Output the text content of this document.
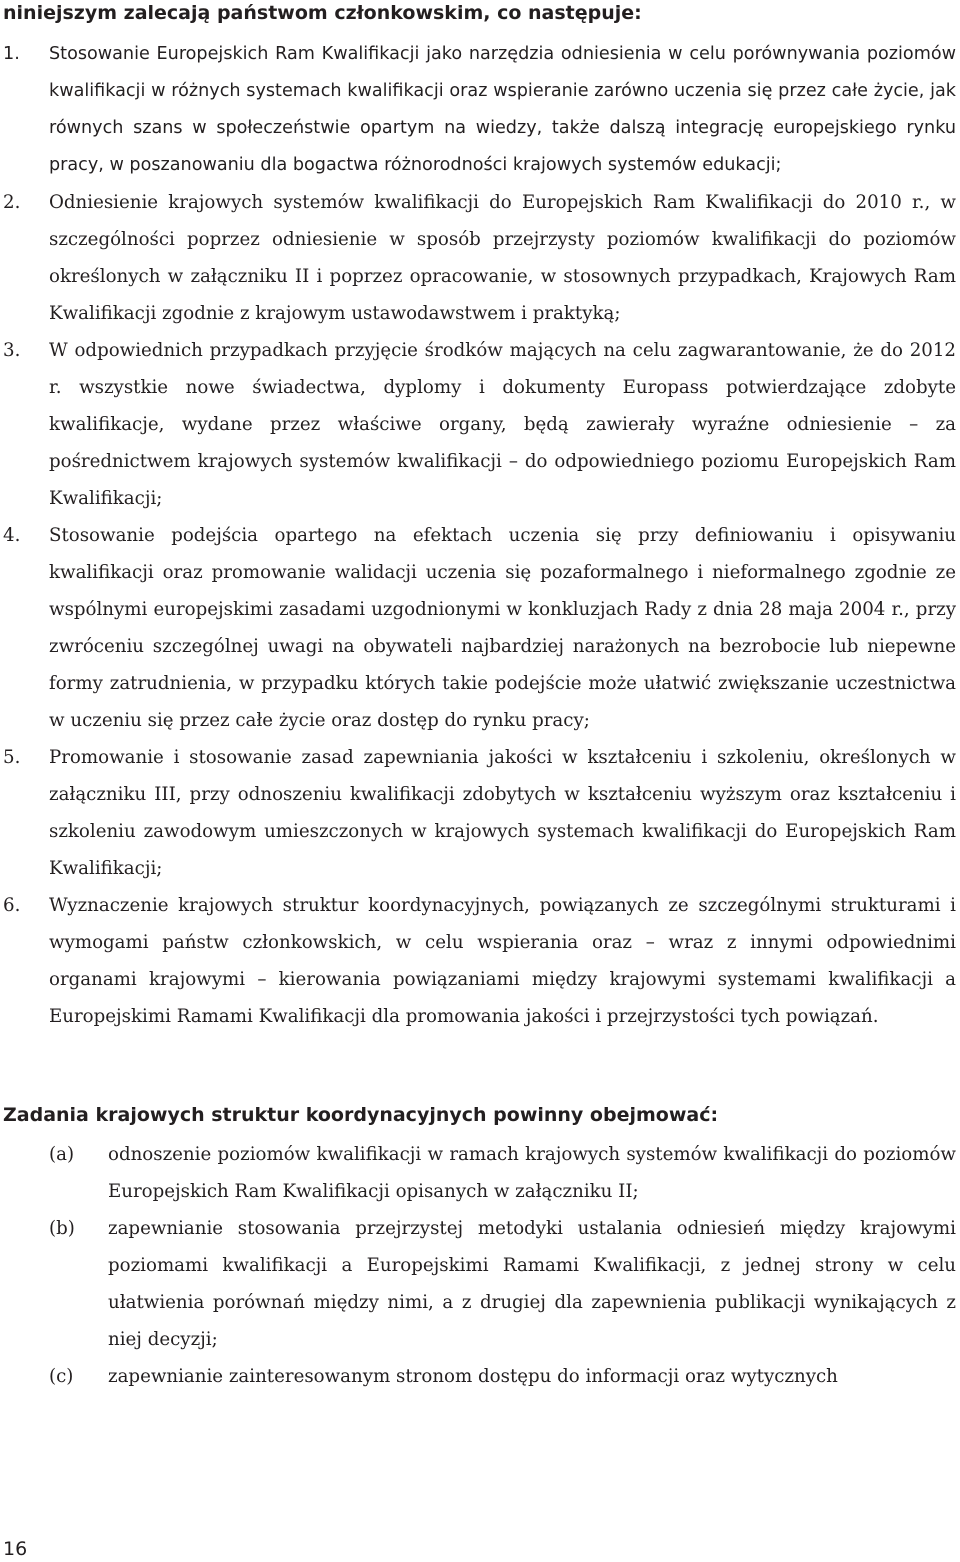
niniejszym zalecają państwom członkowskim, co następuje:

1. Stosowanie Europejskich Ram Kwalifikacji jako narzędzia odniesienia w celu porównywania poziomów kwalifikacji w różnych systemach kwalifikacji oraz wspieranie zarówno uczenia się przez całe życie, jak równych szans w społeczeństwie opartym na wiedzy, także dalszą integrację europejskiego rynku pracy, w poszanowaniu dla bogactwa różnorodności krajowych systemów edukacji;
2. Odniesienie krajowych systemów kwalifikacji do Europejskich Ram Kwalifikacji do 2010 r., w szczególności poprzez odniesienie w sposób przejrzysty poziomów kwalifikacji do poziomów określonych w załączniku II i poprzez opracowanie, w stosownych przypadkach, Krajowych Ram Kwalifikacji zgodnie z krajowym ustawodawstwem i praktyką;
3. W odpowiednich przypadkach przyjęcie środków mających na celu zagwarantowanie, że do 2012 r. wszystkie nowe świadectwa, dyplomy i dokumenty Europass potwierdzające zdobyte kwalifikacje, wydane przez właściwe organy, będą zawierały wyraźne odniesienie – za pośrednictwem krajowych systemów kwalifikacji – do odpowiedniego poziomu Europejskich Ram Kwalifikacji;
4. Stosowanie podejścia opartego na efektach uczenia się przy definiowaniu i opisywaniu kwalifikacji oraz promowanie walidacji uczenia się pozaformalnego i nieformalnego zgodnie ze wspólnymi europejskimi zasadami uzgodnionymi w konkluzjach Rady z dnia 28 maja 2004 r., przy zwróceniu szczególnej uwagi na obywateli najbardziej narażonych na bezrobocie lub niepewne formy zatrudnienia, w przypadku których takie podejście może ułatwić zwiększanie uczestnictwa w uczeniu się przez całe życie oraz dostęp do rynku pracy;
5. Promowanie i stosowanie zasad zapewniania jakości w kształceniu i szkoleniu, określonych w załączniku III, przy odnoszeniu kwalifikacji zdobytych w kształceniu wyższym oraz kształceniu i szkoleniu zawodowym umieszczonych w krajowych systemach kwalifikacji do Europejskich Ram Kwalifikacji;
6. Wyznaczenie krajowych struktur koordynacyjnych, powiązanych ze szczególnymi strukturami i wymogami państw członkowskich, w celu wspierania oraz – wraz z innymi odpowiednimi organami krajowymi – kierowania powiązaniami między krajowymi systemami kwalifikacji a Europejskimi Ramami Kwalifikacji dla promowania jakości i przejrzystości tych powiązań.
Zadania krajowych struktur koordynacyjnych powinny obejmować:
(a) odnoszenie poziomów kwalifikacji w ramach krajowych systemów kwalifikacji do poziomów Europejskich Ram Kwalifikacji opisanych w załączniku II;
(b) zapewnianie stosowania przejrzystej metodyki ustalania odniesień między krajowymi poziomami kwalifikacji a Europejskimi Ramami Kwalifikacji, z jednej strony w celu ułatwienia porównań między nimi, a z drugiej dla zapewnienia publikacji wynikających z niej decyzji;
(c) zapewnianie zainteresowanym stronom dostępu do informacji oraz wytycznych
16
